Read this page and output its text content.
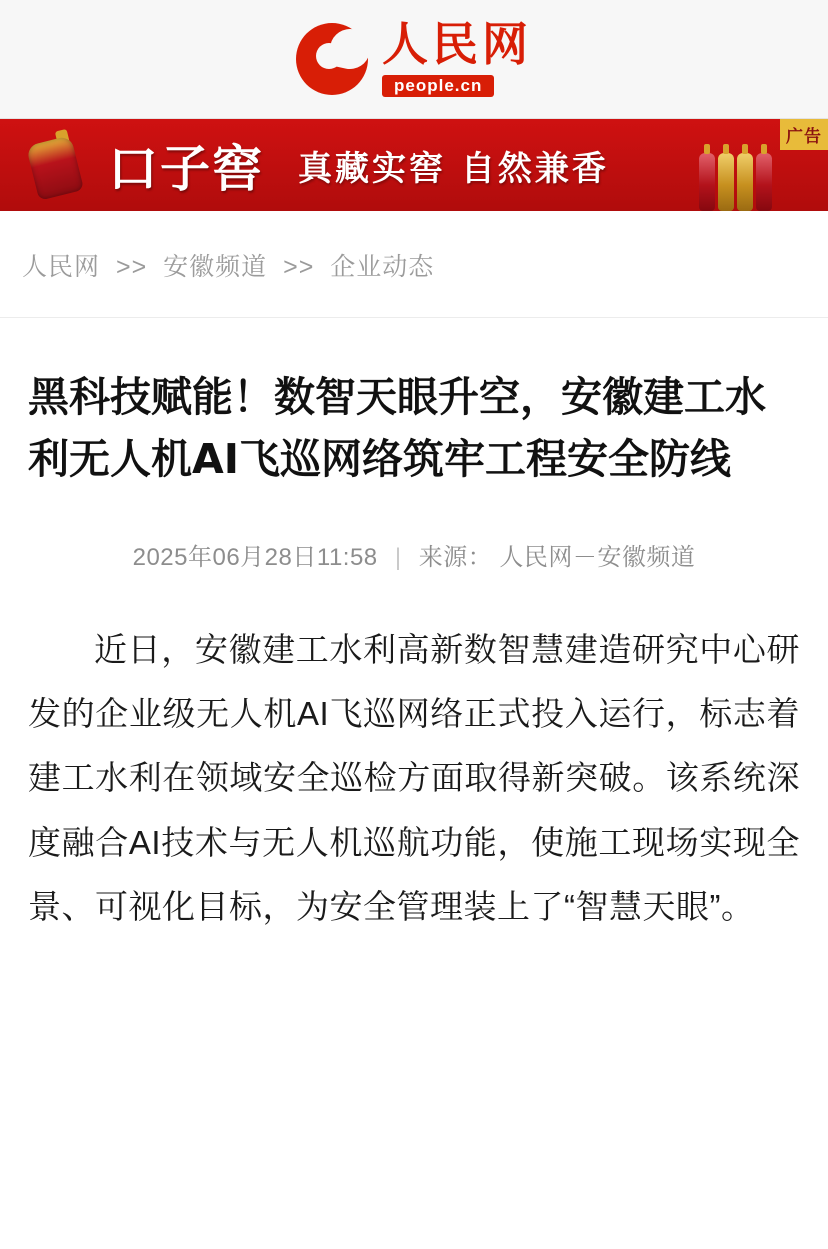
人民网
people.cn
口子窖 真藏实窖 自然兼香
广告
人民网 >> 安徽频道 >> 企业动态
黑科技赋能！数智天眼升空，安徽建工水利无人机AI飞巡网络筑牢工程安全防线
2025年06月28日11:58 | 来源： 人民网－安徽频道

近日，安徽建工水利高新数智慧建造研究中心研发的企业级无人机AI飞巡网络正式投入运行，标志着建工水利在领域安全巡检方面取得新突破。该系统深度融合AI技术与无人机巡航功能，使施工现场实现全景、可视化目标，为安全管理装上了“智慧天眼”。
